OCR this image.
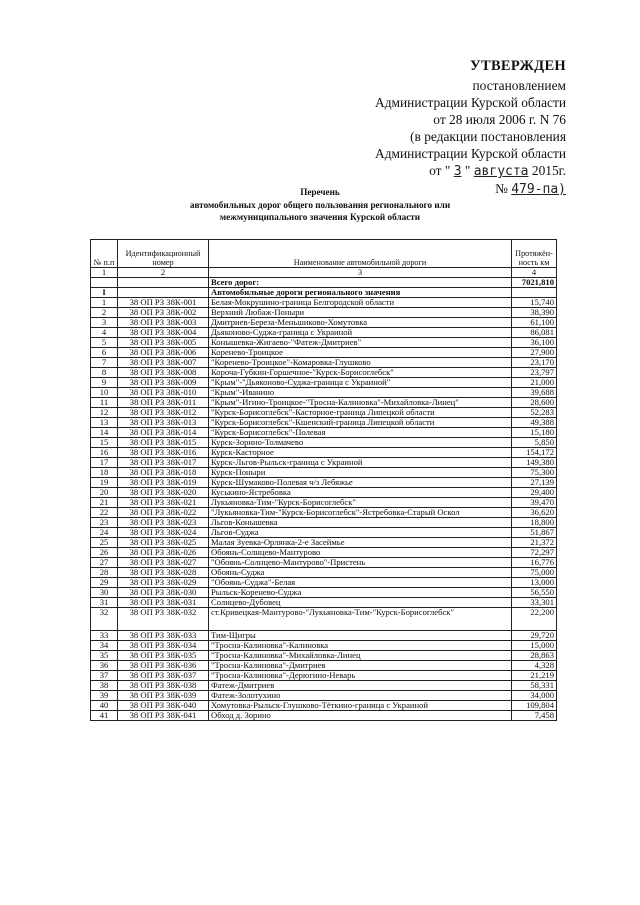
УТВЕРЖДЕН
постановлением
Администрации Курской области
от 28 июля 2006 г. N 76
(в редакции постановления
Администрации Курской области
от " 3 " августа 2015г.
№ 479-па)
Перечень
автомобильных дорог общего пользования регионального или
межмуниципального значения Курской области
№ п.п	Идентификационный номер	Наименование автомобильной дороги	Протяжён-ность км
1	2	3	4
		Всего дорог:	7021,810
I		Автомобильные дороги регионального значения	
1	38 ОП РЗ 38К-001	Белая-Мокрушино-граница Белгородской области	15,740
2	38 ОП РЗ 38К-002	Верхний Любаж-Поныри	38,390
3	38 ОП РЗ 38К-003	Дмитриев-Береза-Меньшиково-Хомутовка	61,100
4	38 ОП РЗ 38К-004	Дьяконово-Суджа-граница с Украиной	86,081
5	38 ОП РЗ 38К-005	Конышевка-Жигаево-"Фатеж-Дмитриев"	36,100
6	38 ОП РЗ 38К-006	Коренево-Троицкое	27,900
7	38 ОП РЗ 38К-007	"Коренево-Троицкое"-Комаровка-Глушково	23,170
8	38 ОП РЗ 38К-008	Короча-Губкин-Горшечное-"Курск-Борисоглебск"	23,797
9	38 ОП РЗ 38К-009	"Крым"-"Дьяконово-Суджа-граница с Украиной"	21,000
10	38 ОП РЗ 38К-010	"Крым"-Иванино	39,688
11	38 ОП РЗ 38К-011	"Крым"-Игино-Троицкое-"Тросна-Калиновка"-Михайловка-Линец"	28,600
12	38 ОП РЗ 38К-012	"Курск-Борисоглебск"-Касторное-граница Липецкой области	52,283
13	38 ОП РЗ 38К-013	"Курск-Борисоглебск"-Кшенский-граница Липецкой области	49,388
14	38 ОП РЗ 38К-014	"Курск-Борисоглебск"-Полевая	15,180
15	38 ОП РЗ 38К-015	Курск-Зорино-Толмачево	5,850
16	38 ОП РЗ 38К-016	Курск-Касторное	154,172
17	38 ОП РЗ 38К-017	Курск-Льгов-Рыльск-граница с Украиной	149,380
18	38 ОП РЗ 38К-018	Курск-Поныри	75,300
19	38 ОП РЗ 38К-019	Курск-Шумаково-Полевая ч/з Лебяжье	27,139
20	38 ОП РЗ 38К-020	Куськино-Ястребовка	29,400
21	38 ОП РЗ 38К-021	Лукьяновка-Тим-"Курск-Борисоглебск"	39,470
22	38 ОП РЗ 38К-022	"Лукьяновка-Тим-"Курск-Борисоглебск"-Ястребовка-Старый Оскол	36,620
23	38 ОП РЗ 38К-023	Льгов-Конышевка	18,800
24	38 ОП РЗ 38К-024	Льгов-Суджа	51,867
25	38 ОП РЗ 38К-025	Малая Зуевка-Орлянка-2-е Засеймье	21,372
26	38 ОП РЗ 38К-026	Обоянь-Солнцево-Мантурово	72,297
27	38 ОП РЗ 38К-027	"Обоянь-Солнцево-Мантурово"-Пристень	16,776
28	38 ОП РЗ 38К-028	Обоянь-Суджа	75,000
29	38 ОП РЗ 38К-029	"Обоянь-Суджа"-Белая	13,000
30	38 ОП РЗ 38К-030	Рыльск-Коренево-Суджа	56,550
31	38 ОП РЗ 38К-031	Солнцево-Дубовец	33,301
32	38 ОП РЗ 38К-032	ст.Кривецкая-Мантурово-"Лукьяновка-Тим-"Курск-Борисоглебск"	22,200
33	38 ОП РЗ 38К-033	Тим-Щигры	29,720
34	38 ОП РЗ 38К-034	"Тросна-Калиновка"-Калиновка	15,000
35	38 ОП РЗ 38К-035	"Тросна-Калиновка"-Михайловка-Линец	28,863
36	38 ОП РЗ 38К-036	"Тросна-Калиновка"-Дмитриев	4,328
37	38 ОП РЗ 38К-037	"Тросна-Калиновка"-Дерюгино-Неварь	21,219
38	38 ОП РЗ 38К-038	Фатеж-Дмитриев	58,331
39	38 ОП РЗ 38К-039	Фатеж-Золотухино	34,000
40	38 ОП РЗ 38К-040	Хомутовка-Рыльск-Глушково-Тёткино-граница с Украиной	109,804
41	38 ОП РЗ 38К-041	Обход д. Зорино	7,458
